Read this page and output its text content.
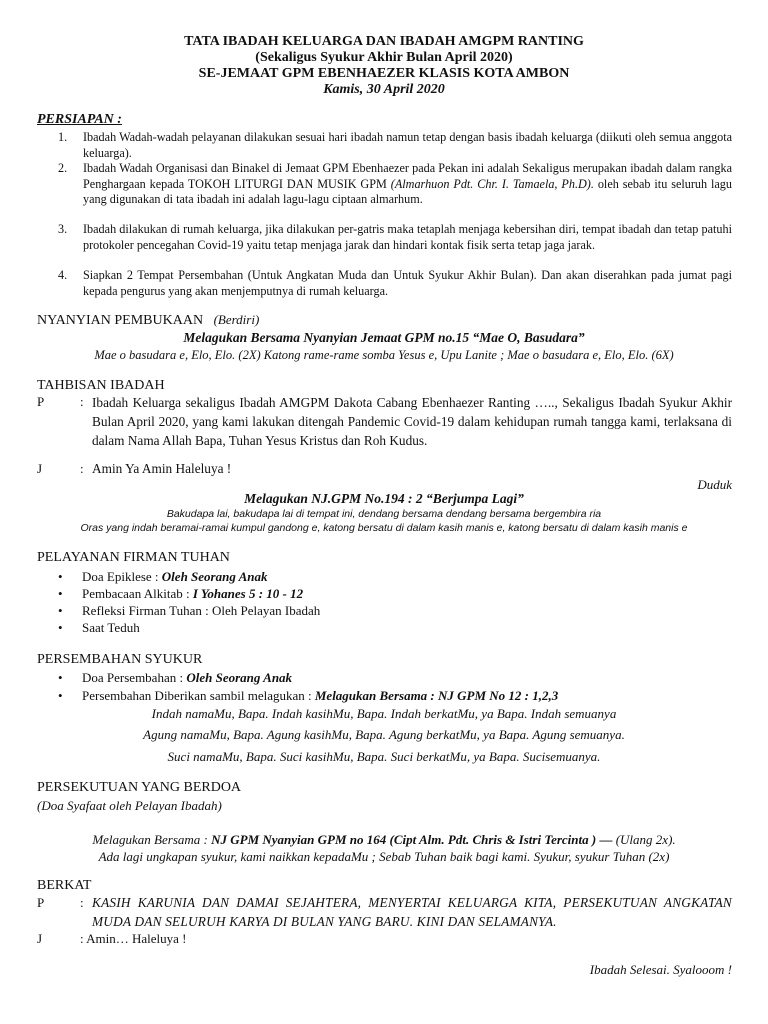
TATA IBADAH KELUARGA DAN IBADAH AMGPM RANTING
(Sekaligus Syukur Akhir Bulan April 2020)
SE-JEMAAT GPM EBENHAEZER KLASIS KOTA AMBON
Kamis, 30 April 2020
PERSIAPAN :
1. Ibadah Wadah-wadah pelayanan dilakukan sesuai hari ibadah namun tetap dengan basis ibadah keluarga (diikuti oleh semua anggota keluarga).
2. Ibadah Wadah Organisasi dan Binakel di Jemaat GPM Ebenhaezer pada Pekan ini adalah Sekaligus merupakan ibadah dalam rangka Penghargaan kepada TOKOH LITURGI DAN MUSIK GPM (Almarhuon Pdt. Chr. I. Tamaela, Ph.D). oleh sebab itu seluruh lagu yang digunakan di tata ibadah ini adalah lagu-lagu ciptaan almarhum.
3. Ibadah dilakukan di rumah keluarga, jika dilakukan per-gatris maka tetaplah menjaga kebersihan diri, tempat ibadah dan tetap patuhi protokoler pencegahan Covid-19 yaitu tetap menjaga jarak dan hindari kontak fisik serta tetap jaga jarak.
4. Siapkan 2 Tempat Persembahan (Untuk Angkatan Muda dan Untuk Syukur Akhir Bulan). Dan akan diserahkan pada jumat pagi kepada pengurus yang akan menjemputnya di rumah keluarga.
NYANYIAN PEMBUKAAN (Berdiri)
Melagukan Bersama Nyanyian Jemaat GPM no.15 “Mae O, Basudara”
Mae o basudara e, Elo, Elo. (2X) Katong rame-rame somba Yesus e, Upu Lanite ; Mae o basudara e, Elo, Elo. (6X)
TAHBISAN IBADAH
P	: Ibadah Keluarga sekaligus Ibadah AMGPM Dakota Cabang Ebenhaezer Ranting ….., Sekaligus Ibadah Syukur Akhir Bulan April 2020, yang kami lakukan ditengah Pandemic Covid-19 dalam kehidupan rumah tangga kami, terlaksana di dalam Nama Allah Bapa, Tuhan Yesus Kristus dan Roh Kudus.
J	: Amin Ya Amin Haleluya !
Duduk
Melagukan NJ.GPM No.194 : 2 “Berjumpa Lagi”
Bakudapa lai, bakudapa lai di tempat ini, dendang bersama dendang bersama bergembira ria
Oras yang indah beramai-ramai kumpul gandong e, katong bersatu di dalam kasih manis e, katong bersatu di dalam kasih manis e
PELAYANAN FIRMAN TUHAN
• Doa Epiklese : Oleh Seorang Anak
• Pembacaan Alkitab : I Yohanes 5 : 10 - 12
• Refleksi Firman Tuhan : Oleh Pelayan Ibadah
• Saat Teduh
PERSEMBAHAN SYUKUR
• Doa Persembahan : Oleh Seorang Anak
• Persembahan Diberikan sambil melagukan : Melagukan Bersama : NJ GPM No 12 : 1,2,3
Indah namaMu, Bapa. Indah kasihMu, Bapa. Indah berkatMu, ya Bapa. Indah semuanya
Agung namaMu, Bapa. Agung kasihMu, Bapa. Agung berkatMu, ya Bapa. Agung semuanya.
Suci namaMu, Bapa. Suci kasihMu, Bapa. Suci berkatMu, ya Bapa. Sucisemuanya.
PERSEKUTUAN YANG BERDOA
(Doa Syafaat oleh Pelayan Ibadah)
Melagukan Bersama : NJ GPM Nyanyian GPM no 164 (Cipt Alm. Pdt. Chris & Istri Tercinta ) — (Ulang 2x).
Ada lagi ungkapan syukur, kami naikkan kepadaMu ; Sebab Tuhan baik bagi kami. Syukur, syukur Tuhan (2x)
BERKAT
P	: KASIH KARUNIA DAN DAMAI SEJAHTERA, MENYERTAI KELUARGA KITA, PERSEKUTUAN ANGKATAN MUDA DAN SELURUH KARYA DI BULAN YANG BARU. KINI DAN SELAMANYA.
J	: Amin… Haleluya !
Ibadah Selesai. Syalooom !
